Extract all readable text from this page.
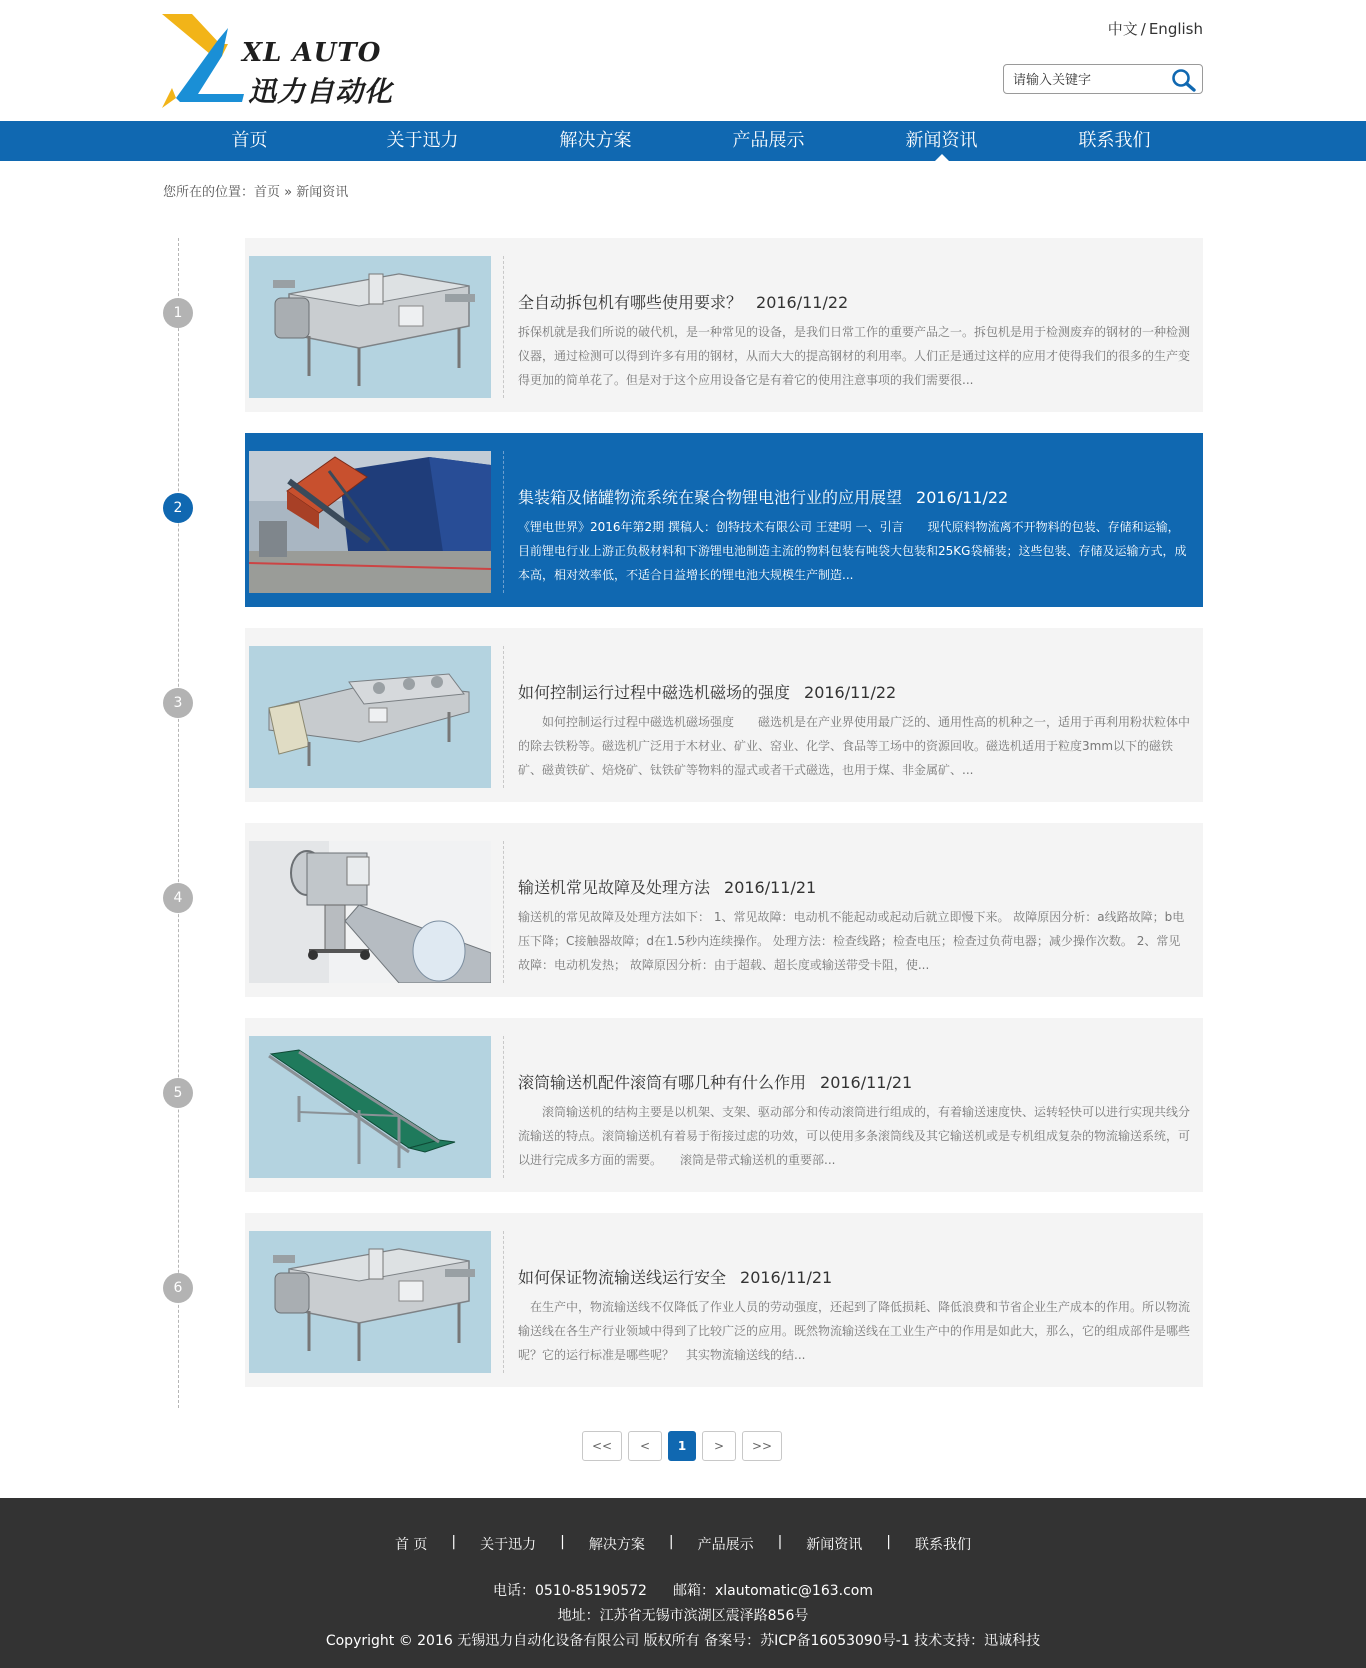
XL AUTO
迅力自动化
中文 / English
请输入关键字
首页	关于迅力	解决方案	产品展示	新闻资讯	联系我们
您所在的位置：首页 » 新闻资讯
1
全自动拆包机有哪些使用要求？ 2016/11/22
拆保机就是我们所说的破代机，是一种常见的设备，是我们日常工作的重要产品之一。拆包机是用于检测废弃的钢材的一种检测仪器，通过检测可以得到许多有用的钢材，从而大大的提高钢材的利用率。人们正是通过这样的应用才使得我们的很多的生产变得更加的简单花了。但是对于这个应用设备它是有着它的使用注意事项的我们需要很...
2
集装箱及储罐物流系统在聚合物锂电池行业的应用展望 2016/11/22
《锂电世界》2016年第2期 撰稿人：创特技术有限公司 王建明 一、引言　　现代原料物流离不开物料的包装、存储和运输，目前锂电行业上游正负极材料和下游锂电池制造主流的物料包装有吨袋大包装和25KG袋桶装；这些包装、存储及运输方式，成本高，相对效率低，不适合日益增长的锂电池大规模生产制造...
3
如何控制运行过程中磁选机磁场的强度 2016/11/22
　　如何控制运行过程中磁选机磁场强度　　磁选机是在产业界使用最广泛的、通用性高的机种之一，适用于再利用粉状粒体中的除去铁粉等。磁选机广泛用于木材业、矿业、窑业、化学、食品等工场中的资源回收。磁选机适用于粒度3mm以下的磁铁矿、磁黄铁矿、焙烧矿、钛铁矿等物料的湿式或者干式磁选，也用于煤、非金属矿、...
4
输送机常见故障及处理方法 2016/11/21
输送机的常见故障及处理方法如下： 1、常见故障：电动机不能起动或起动后就立即慢下来。 故障原因分析：a线路故障；b电压下降；C接触器故障；d在1.5秒内连续操作。 处理方法：检查线路；检查电压；检查过负荷电器；减少操作次数。 2、常见故障：电动机发热； 故障原因分析：由于超载、超长度或输送带受卡阻，使...
5
滚筒输送机配件滚筒有哪几种有什么作用 2016/11/21
　　滚筒输送机的结构主要是以机架、支架、驱动部分和传动滚筒进行组成的，有着输送速度快、运转轻快可以进行实现共线分流输送的特点。滚筒输送机有着易于衔接过虑的功效，可以使用多条滚筒线及其它输送机或是专机组成复杂的物流输送系统，可以进行完成多方面的需要。　　滚筒是带式输送机的重要部...
6
如何保证物流输送线运行安全 2016/11/21
　在生产中，物流输送线不仅降低了作业人员的劳动强度，还起到了降低损耗、降低浪费和节省企业生产成本的作用。所以物流输送线在各生产行业领域中得到了比较广泛的应用。既然物流输送线在工业生产中的作用是如此大，那么，它的组成部件是哪些呢？它的运行标准是哪些呢？　其实物流输送线的结...
<<	<	1	>	>>
首 页 | 关于迅力 | 解决方案 | 产品展示 | 新闻资讯 | 联系我们
电话：0510-85190572 邮箱：xlautomatic@163.com
地址：江苏省无锡市滨湖区震泽路856号
Copyright © 2016 无锡迅力自动化设备有限公司 版权所有 备案号：苏ICP备16053090号-1 技术支持：迅诚科技
